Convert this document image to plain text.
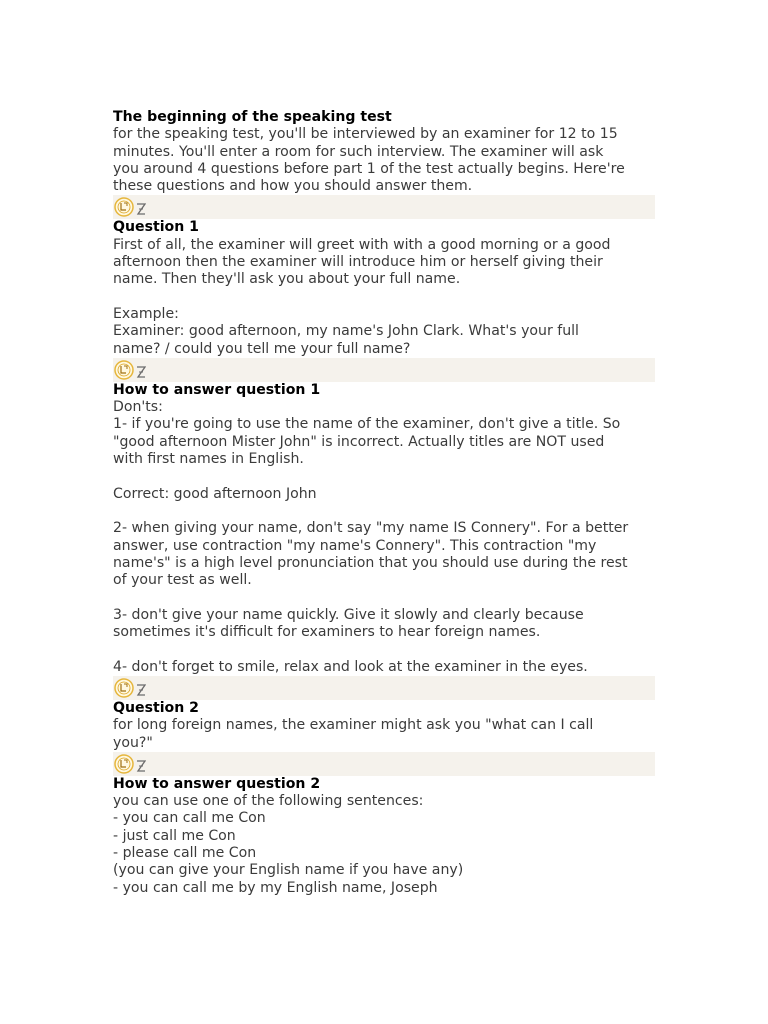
The beginning of the speaking test
for the speaking test, you'll be interviewed by an examiner for 12 to 15
minutes. You'll enter a room for such interview. The examiner will ask
you around 4 questions before part 1 of the test actually begins. Here're
these questions and how you should answer them.
Question 1
First of all, the examiner will greet with with a good morning or a good
afternoon then the examiner will introduce him or herself giving their
name. Then they'll ask you about your full name.
Example:
Examiner: good afternoon, my name's John Clark. What's your full
name? / could you tell me your full name?
How to answer question 1
Don'ts:
1- if you're going to use the name of the examiner, don't give a title. So
"good afternoon Mister John" is incorrect. Actually titles are NOT used
with first names in English.
Correct: good afternoon John
2- when giving your name, don't say "my name IS Connery". For a better
answer, use contraction "my name's Connery". This contraction "my
name's" is a high level pronunciation that you should use during the rest
of your test as well.
3- don't give your name quickly. Give it slowly and clearly because
sometimes it's difficult for examiners to hear foreign names.
4- don't forget to smile, relax and look at the examiner in the eyes.
Question 2
for long foreign names, the examiner might ask you "what can I call
you?"
How to answer question 2
you can use one of the following sentences:
- you can call me Con
- just call me Con
- please call me Con
(you can give your English name if you have any)
- you can call me by my English name, Joseph
